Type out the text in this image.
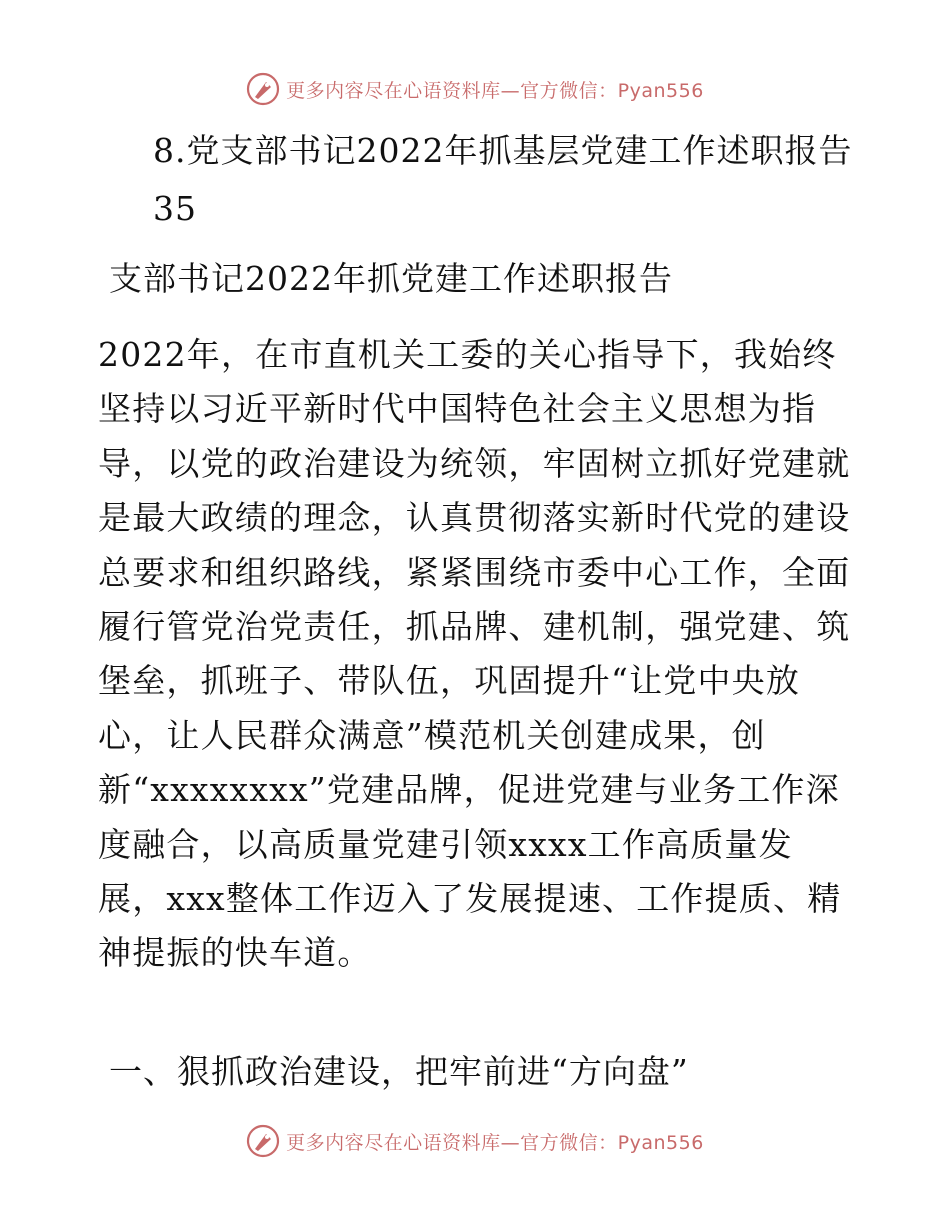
更多内容尽在心语资料库—官方微信：Pyan556
8.党支部书记2022年抓基层党建工作述职报告
35
支部书记2022年抓党建工作述职报告
2022年，在市直机关工委的关心指导下，我始终
坚持以习近平新时代中国特色社会主义思想为指
导，以党的政治建设为统领，牢固树立抓好党建就
是最大政绩的理念，认真贯彻落实新时代党的建设
总要求和组织路线，紧紧围绕市委中心工作，全面
履行管党治党责任，抓品牌、建机制，强党建、筑
堡垒，抓班子、带队伍，巩固提升“让党中央放
心，让人民群众满意”模范机关创建成果，创
新“xxxxxxxx”党建品牌，促进党建与业务工作深
度融合，以高质量党建引领xxxx工作高质量发
展，xxx整体工作迈入了发展提速、工作提质、精
神提振的快车道。
一、狠抓政治建设，把牢前进“方向盘”
更多内容尽在心语资料库—官方微信：Pyan556
